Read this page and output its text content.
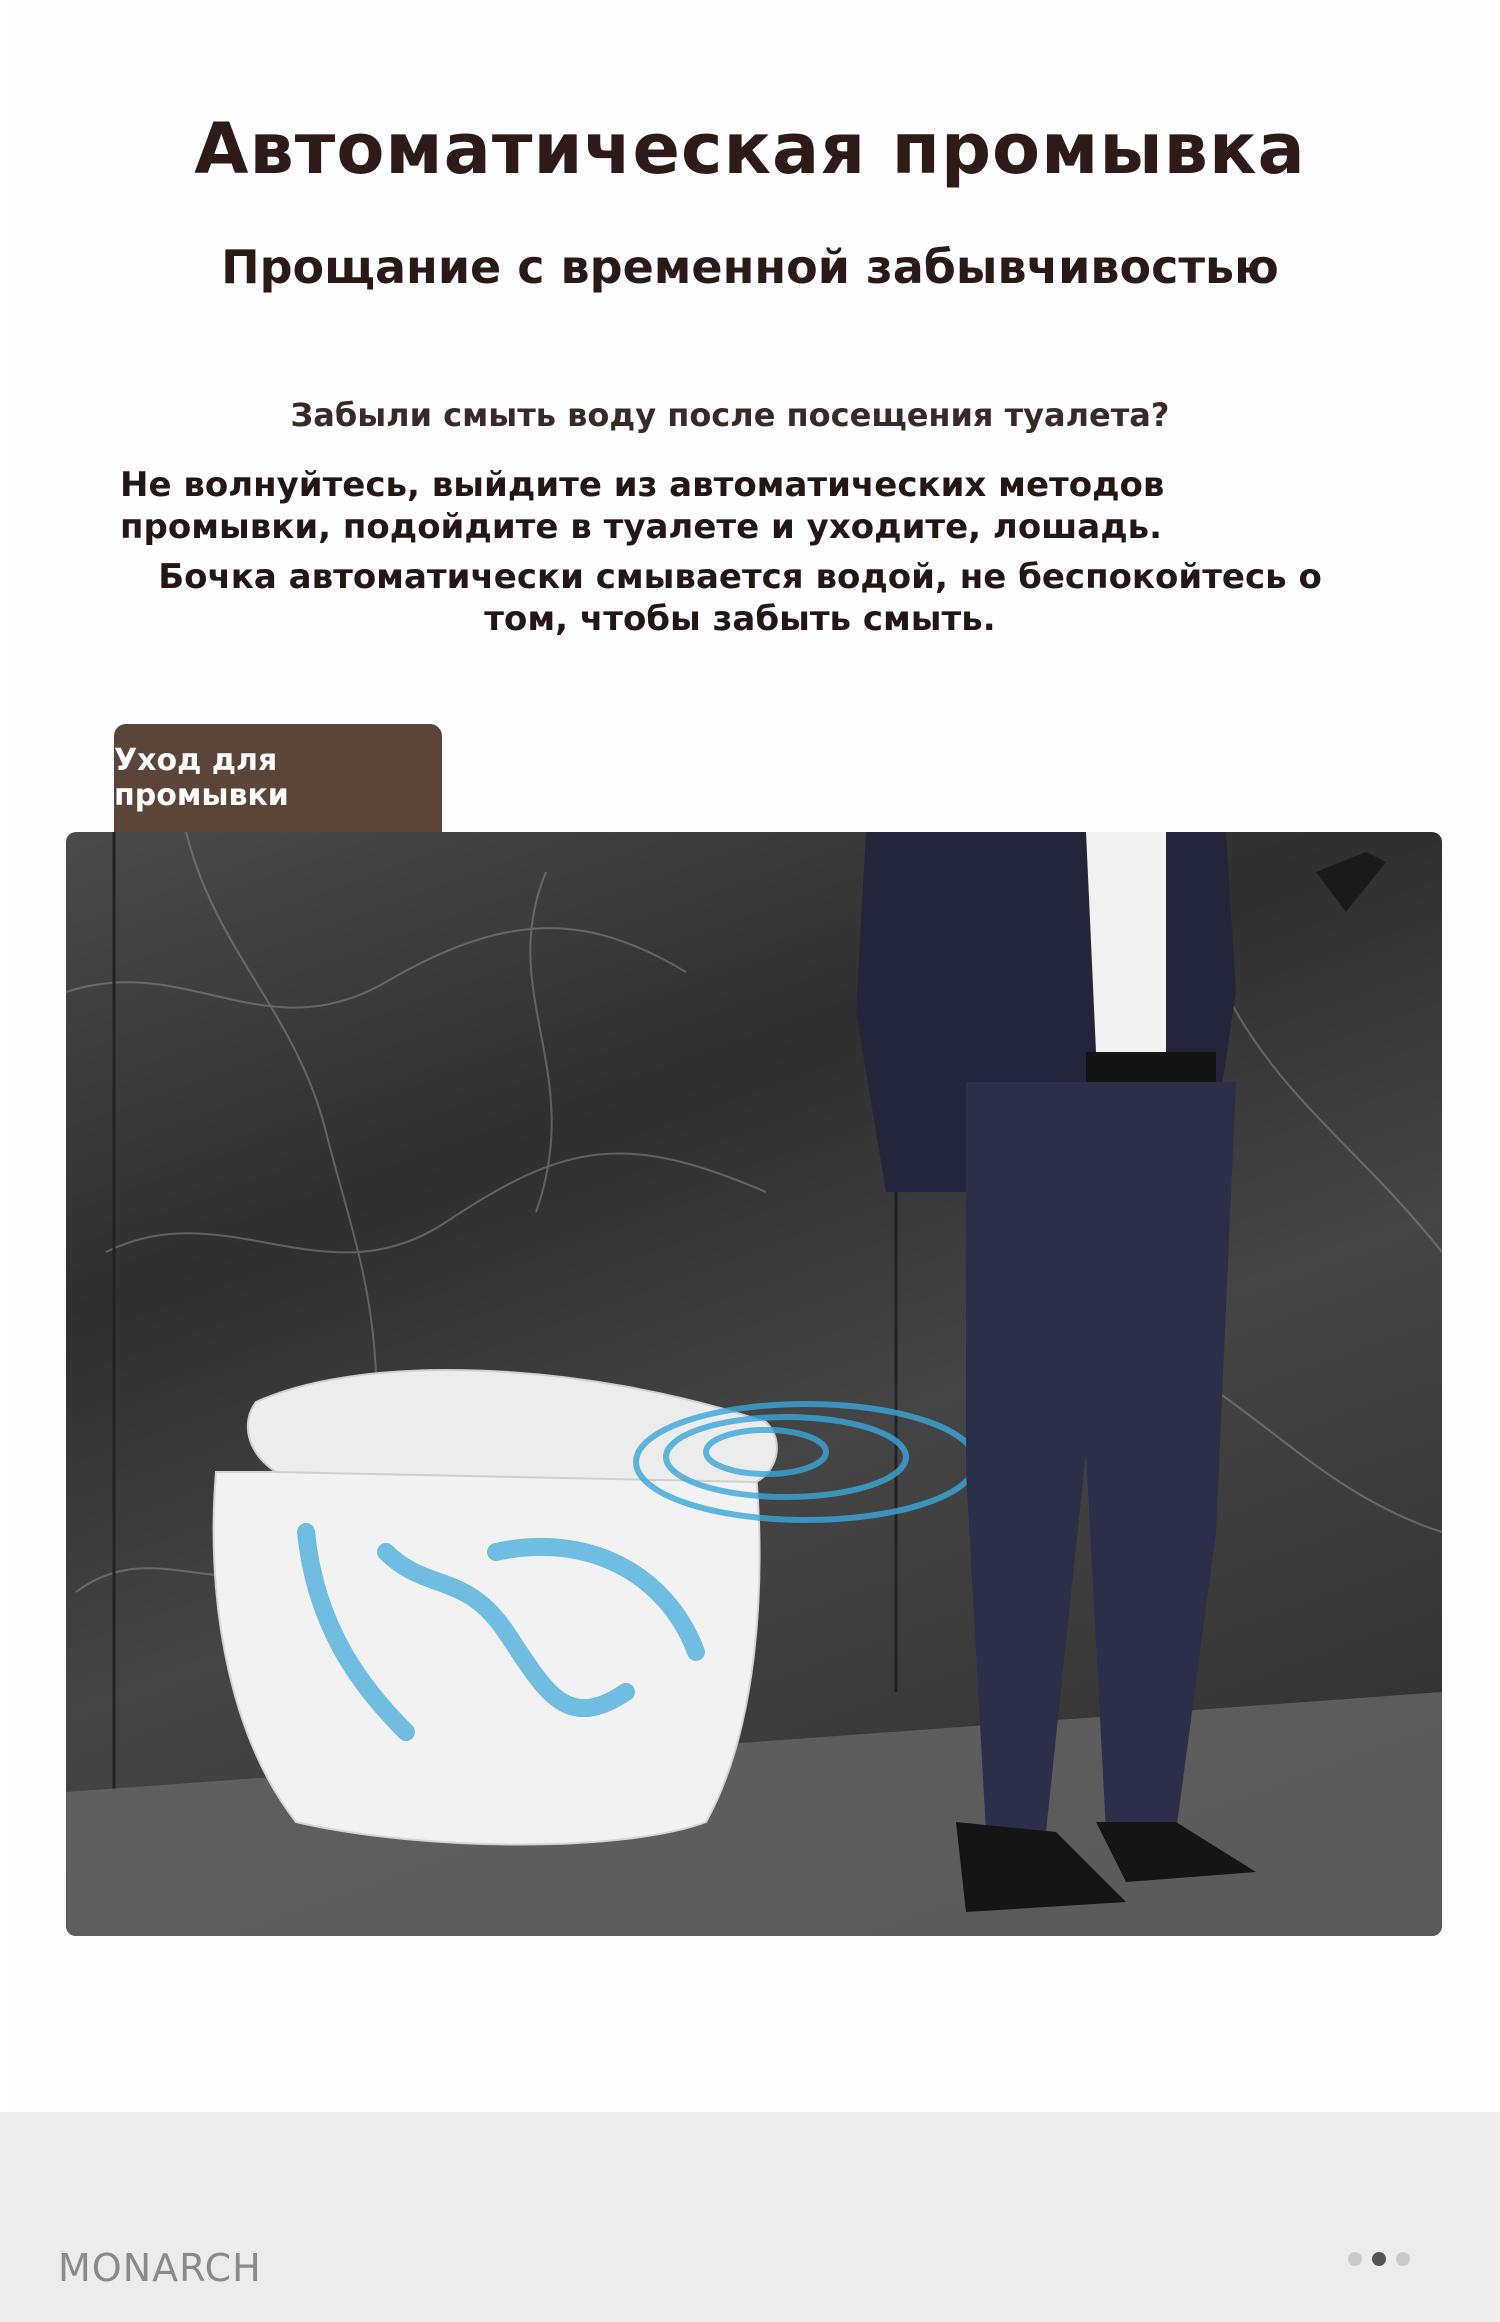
Автоматическая промывка
Прощание с временной забывчивостью
Забыли смыть воду после посещения туалета?
Не волнуйтесь, выйдите из автоматических методов промывки, подойдите в туалете и уходите, лошадь.
Бочка автоматически смывается водой, не беспокойтесь о том, чтобы забыть смыть.
Уход для промывки
MONARCH
